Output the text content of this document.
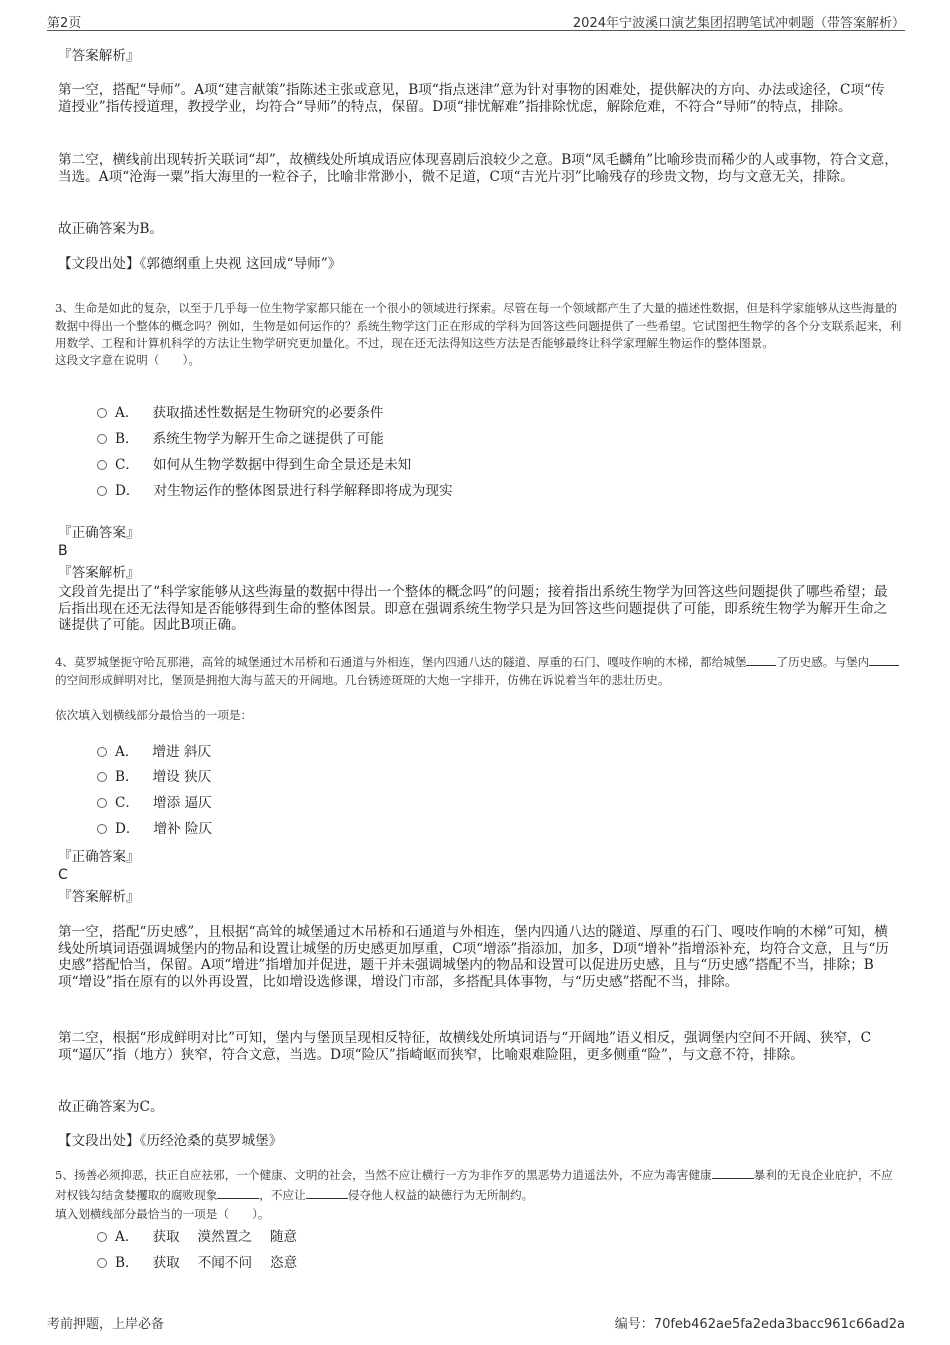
第2页	2024年宁波溪口演艺集团招聘笔试冲刺题（带答案解析）
『答案解析』
第一空，搭配“导师”。A项“建言献策”指陈述主张或意见，B项“指点迷津”意为针对事物的困难处，提供解决的方向、办法或途径，C项“传道授业”指传授道理，教授学业，均符合“导师”的特点，保留。D项“排忧解难”指排除忧虑，解除危难，不符合“导师”的特点，排除。
第二空，横线前出现转折关联词“却”，故横线处所填成语应体现喜剧后浪较少之意。B项“凤毛麟角”比喻珍贵而稀少的人或事物，符合文意，当选。A项“沧海一粟”指大海里的一粒谷子，比喻非常渺小，微不足道，C项“吉光片羽”比喻残存的珍贵文物，均与文意无关，排除。
故正确答案为B。
【文段出处】《郭德纲重上央视 这回成“导师”》
3、生命是如此的复杂，以至于几乎每一位生物学家都只能在一个很小的领域进行探索。尽管在每一个领域都产生了大量的描述性数据，但是科学家能够从这些海量的数据中得出一个整体的概念吗？例如，生物是如何运作的？系统生物学这门正在形成的学科为回答这些问题提供了一些希望。它试图把生物学的各个分支联系起来，利用数学、工程和计算机科学的方法让生物学研究更加量化。不过，现在还无法得知这些方法是否能够最终让科学家理解生物运作的整体图景。
这段文字意在说明（　　）。
A． 获取描述性数据是生物研究的必要条件
B． 系统生物学为解开生命之谜提供了可能
C． 如何从生物学数据中得到生命全景还是未知
D． 对生物运作的整体图景进行科学解释即将成为现实
『正确答案』
B
『答案解析』
文段首先提出了“科学家能够从这些海量的数据中得出一个整体的概念吗”的问题；接着指出系统生物学为回答这些问题提供了哪些希望；最后指出现在还无法得知是否能够得到生命的整体图景。即意在强调系统生物学只是为回答这些问题提供了可能，即系统生物学为解开生命之谜提供了可能。因此B项正确。
4、莫罗城堡扼守哈瓦那港，高耸的城堡通过木吊桥和石通道与外相连，堡内四通八达的隧道、厚重的石门、嘎吱作响的木梯，都给城堡	了历史感。与堡内的空间形成鲜明对比，堡顶是拥抱大海与蓝天的开阔地。几台锈迹斑斑的大炮一字排开，仿佛在诉说着当年的悲壮历史。
依次填入划横线部分最恰当的一项是：
A． 增进 斜仄
B． 增设 狭仄
C． 增添 逼仄
D． 增补 险仄
『正确答案』
C
『答案解析』
第一空，搭配“历史感”，且根据“高耸的城堡通过木吊桥和石通道与外相连，堡内四通八达的隧道、厚重的石门、嘎吱作响的木梯”可知，横线处所填词语强调城堡内的物品和设置让城堡的历史感更加厚重，C项“增添”指添加，加多，D项“增补”指增添补充，均符合文意，且与“历史感”搭配恰当，保留。A项“增进”指增加并促进，题干并未强调城堡内的物品和设置可以促进历史感，且与“历史感”搭配不当，排除；B项“增设”指在原有的以外再设置，比如增设选修课，增设门市部，多搭配具体事物，与“历史感”搭配不当，排除。
第二空，根据“形成鲜明对比”可知，堡内与堡顶呈现相反特征，故横线处所填词语与“开阔地”语义相反，强调堡内空间不开阔、狭窄，C项“逼仄”指（地方）狭窄，符合文意，当选。D项“险仄”指崎岖而狭窄，比喻艰难险阻，更多侧重“险”，与文意不符，排除。
故正确答案为C。
【文段出处】《历经沧桑的莫罗城堡》
5、扬善必须抑恶，扶正自应祛邪，一个健康、文明的社会，当然不应让横行一方为非作歹的黑恶势力逍遥法外，不应为毒害健康	暴利的无良企业庇护，不应对权钱勾结贪婪攫取的腐败现象	，不应让	侵夺他人权益的缺德行为无所制约。
填入划横线部分最恰当的一项是（　　）。
A． 获取　 漠然置之　 随意
B． 获取　 不闻不问　 恣意
考前押题，上岸必备	编号：70feb462ae5fa2eda3bacc961c66ad2a
